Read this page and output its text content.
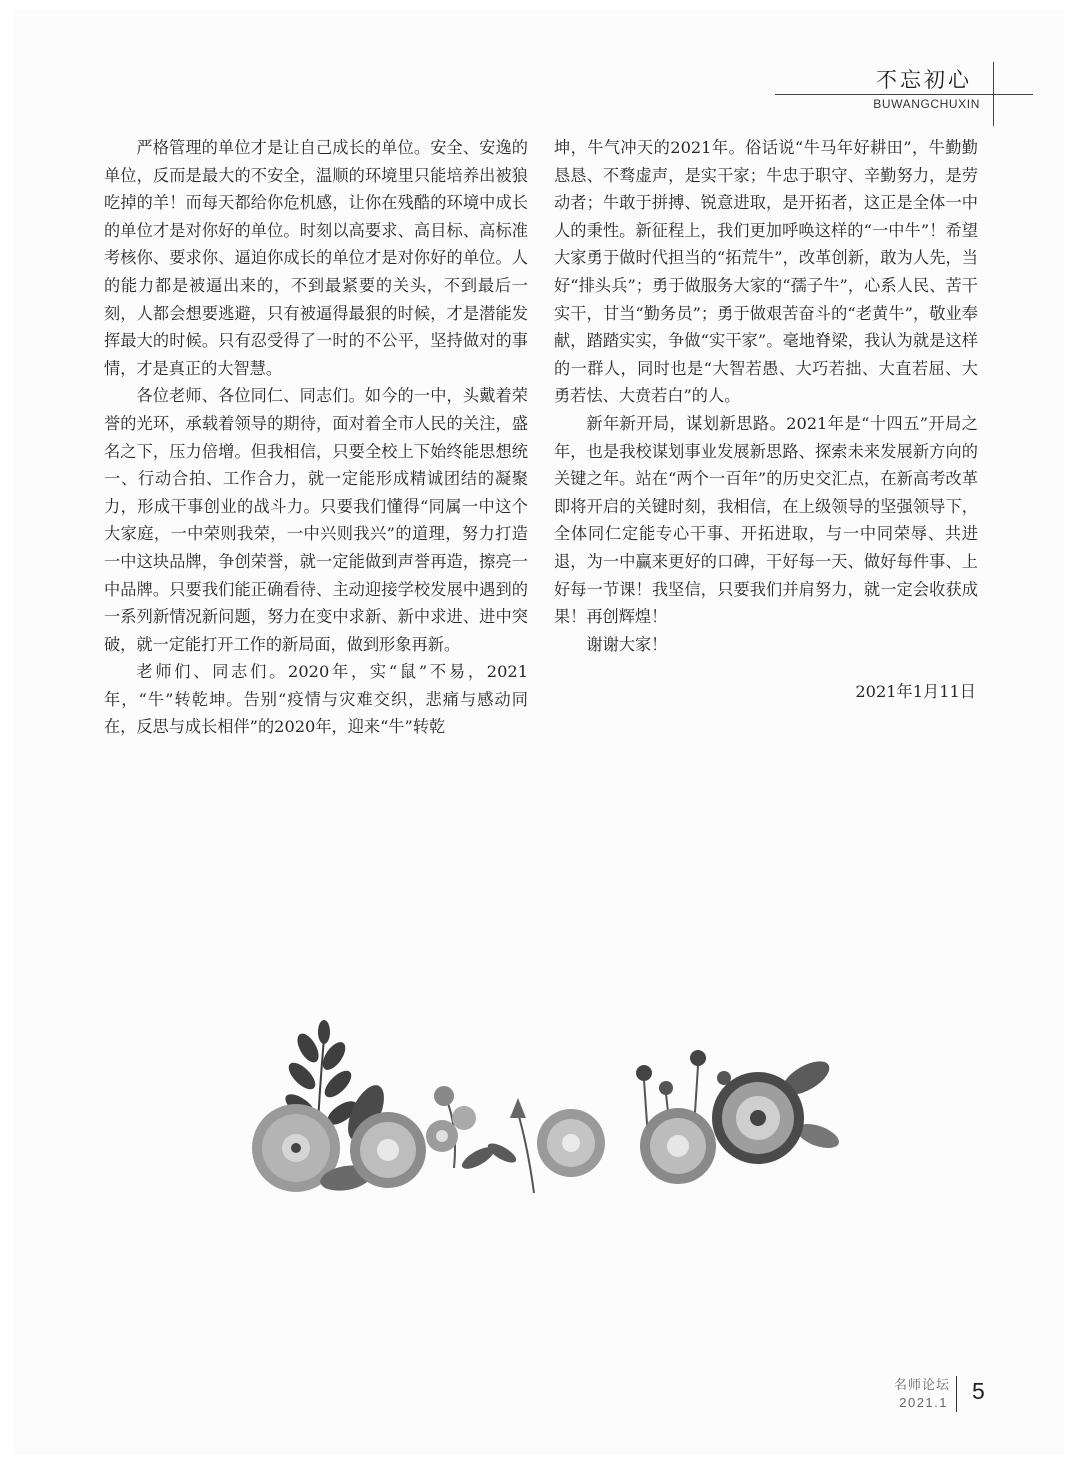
不忘初心
BUWANGCHUXIN

严格管理的单位才是让自己成长的单位。安全、安逸的单位，反而是最大的不安全，温顺的环境里只能培养出被狼吃掉的羊！而每天都给你危机感，让你在残酷的环境中成长的单位才是对你好的单位。时刻以高要求、高目标、高标准考核你、要求你、逼迫你成长的单位才是对你好的单位。人的能力都是被逼出来的，不到最紧要的关头，不到最后一刻，人都会想要逃避，只有被逼得最狠的时候，才是潜能发挥最大的时候。只有忍受得了一时的不公平，坚持做对的事情，才是真正的大智慧。

各位老师、各位同仁、同志们。如今的一中，头戴着荣誉的光环，承载着领导的期待，面对着全市人民的关注，盛名之下，压力倍增。但我相信，只要全校上下始终能思想统一、行动合拍、工作合力，就一定能形成精诚团结的凝聚力，形成干事创业的战斗力。只要我们懂得“同属一中这个大家庭，一中荣则我荣，一中兴则我兴”的道理，努力打造一中这块品牌，争创荣誉，就一定能做到声誉再造，擦亮一中品牌。只要我们能正确看待、主动迎接学校发展中遇到的一系列新情况新问题，努力在变中求新、新中求进、进中突破，就一定能打开工作的新局面，做到形象再新。

老师们、同志们。2020年，实“鼠”不易，2021年，“牛”转乾坤。告别“疫情与灾难交织，悲痛与感动同在，反思与成长相伴”的2020年，迎来“牛”转乾

坤，牛气冲天的2021年。俗话说“牛马年好耕田”，牛勤勤恳恳、不骛虚声，是实干家；牛忠于职守、辛勤努力，是劳动者；牛敢于拼搏、锐意进取，是开拓者，这正是全体一中人的秉性。新征程上，我们更加呼唤这样的“一中牛”！希望大家勇于做时代担当的“拓荒牛”，改革创新，敢为人先，当好“排头兵”；勇于做服务大家的“孺子牛”，心系人民、苦干实干，甘当“勤务员”；勇于做艰苦奋斗的“老黄牛”，敬业奉献，踏踏实实，争做“实干家”。毫地脊梁，我认为就是这样的一群人，同时也是“大智若愚、大巧若拙、大直若屈、大勇若怯、大贲若白”的人。

新年新开局，谋划新思路。2021年是“十四五”开局之年，也是我校谋划事业发展新思路、探索未来发展新方向的关键之年。站在“两个一百年”的历史交汇点，在新高考改革即将开启的关键时刻，我相信，在上级领导的坚强领导下，全体同仁定能专心干事、开拓进取，与一中同荣辱、共进退，为一中赢来更好的口碑，干好每一天、做好每件事、上好每一节课！我坚信，只要我们并肩努力，就一定会收获成果！再创辉煌！

谢谢大家！

2021年1月11日

名师论坛
2021.1 5
